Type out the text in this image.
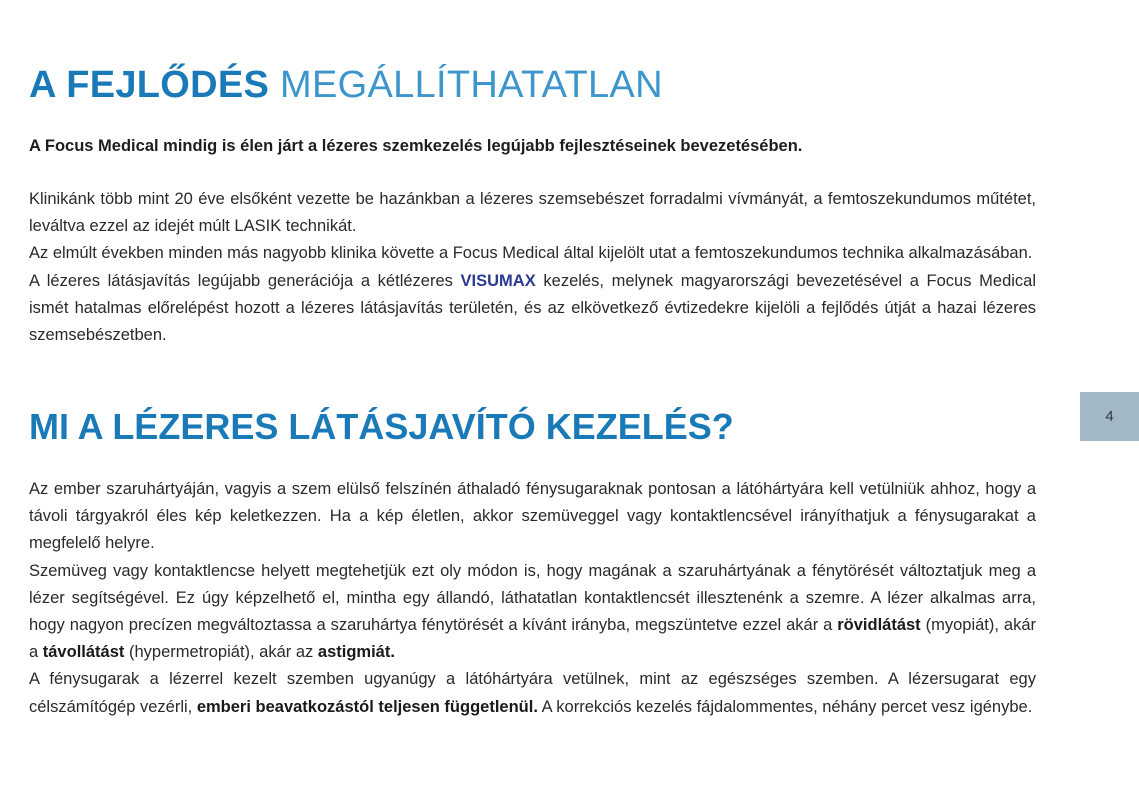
A FEJLŐDÉS MEGÁLLÍTHATATLAN
A Focus Medical mindig is élen járt a lézeres szemkezelés legújabb fejlesztéseinek bevezetésében.

Klinikánk több mint 20 éve elsőként vezette be hazánkban a lézeres szemsebészet forradalmi vívmányát, a femtoszekundumos műtétet, leváltva ezzel az idejét múlt LASIK technikát.

Az elmúlt években minden más nagyobb klinika követte a Focus Medical által kijelölt utat a femtoszekundumos technika alkalmazásában.

A lézeres látásjavítás legújabb generációja a kétlézeres VISUMAX kezelés, melynek magyarországi bevezetésével a Focus Medical ismét hatalmas előrelépést hozott a lézeres látásjavítás területén, és az elkövetkező évtizedekre kijelöli a fejlődés útját a hazai lézeres szemsebészetben.

MI A LÉZERES LÁTÁSJAVÍTÓ KEZELÉS?

Az ember szaruhártyáján, vagyis a szem elülső felszínén áthaladó fénysugaraknak pontosan a látóhártyára kell vetülniük ahhoz, hogy a távoli tárgyakról éles kép keletkezzen. Ha a kép életlen, akkor szemüveggel vagy kontaktlencsével irányíthatjuk a fénysugarakat a megfelelő helyre.

Szemüveg vagy kontaktlencse helyett megtehetjük ezt oly módon is, hogy magának a szaruhártyának a fénytörését változtatjuk meg a lézer segítségével. Ez úgy képzelhető el, mintha egy állandó, láthatatlan kontaktlencsét illesztenénk a szemre. A lézer alkalmas arra, hogy nagyon precízen megváltoztassa a szaruhártya fénytörését a kívánt irányba, megszüntetve ezzel akár a rövidlátást (myopiát), akár a távollátást (hypermetropiát), akár az astigmiát.

A fénysugarak a lézerrel kezelt szemben ugyanúgy a látóhártyára vetülnek, mint az egészséges szemben. A lézersugarat egy célszámítógép vezérli, emberi beavatkozástól teljesen függetlenül. A korrekciós kezelés fájdalommentes, néhány percet vesz igénybe.

4
